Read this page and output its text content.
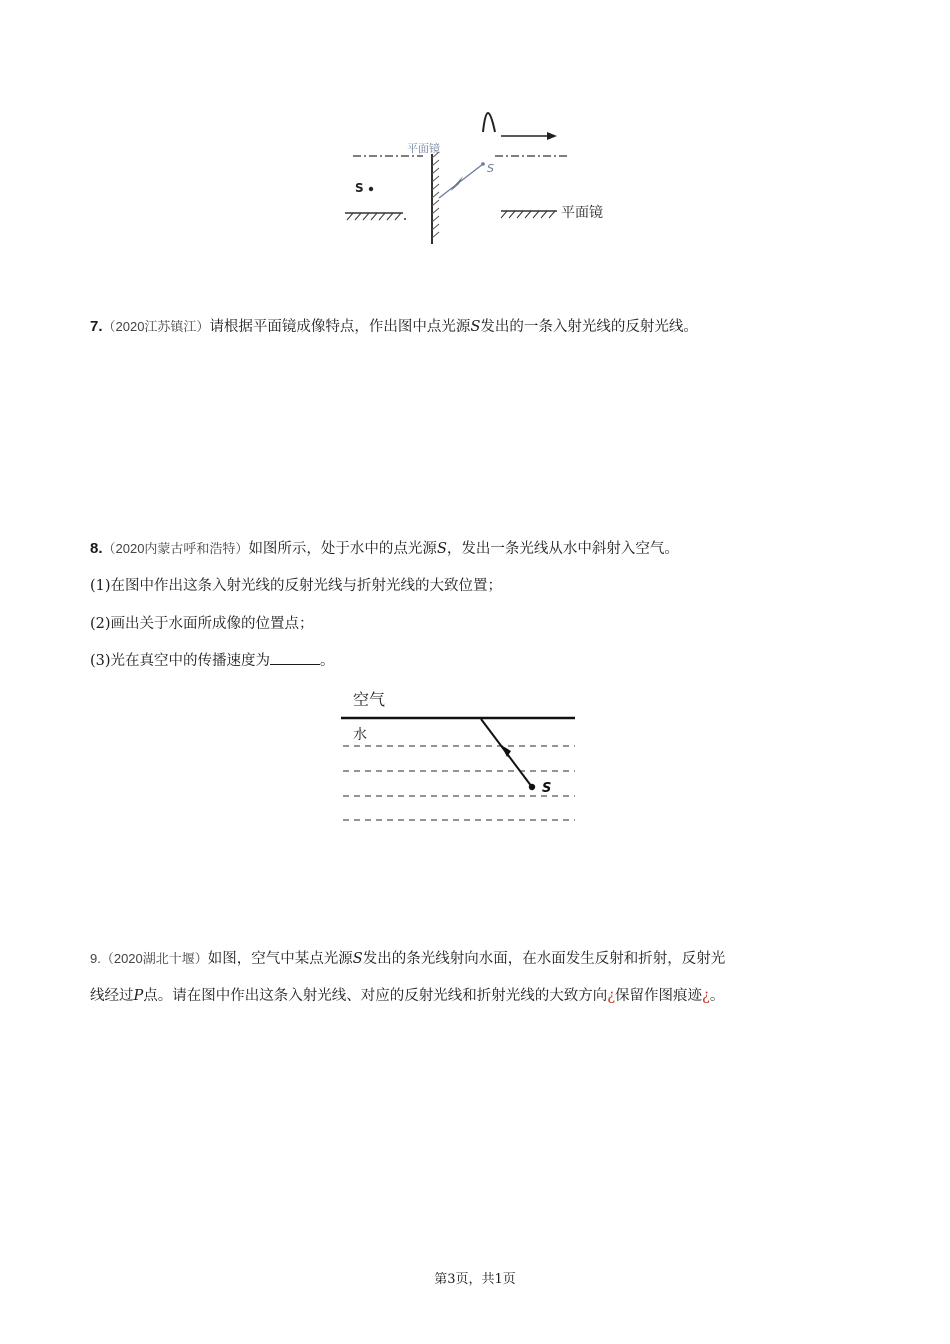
平面镜
S
S
平面镜
7.（2020江苏镇江）请根据平面镜成像特点，作出图中点光源S发出的一条入射光线的反射光线。
8.（2020内蒙古呼和浩特）如图所示，处于水中的点光源S，发出一条光线从水中斜射入空气。
(1)在图中作出这条入射光线的反射光线与折射光线的大致位置；
(2)画出关于水面所成像的位置点；
(3)光在真空中的传播速度为	。
空气
水
S
9.（2020湖北十堰）如图，空气中某点光源S发出的条光线射向水面，在水面发生反射和折射，反射光
线经过P点。请在图中作出这条入射光线、对应的反射光线和折射光线的大致方向¿保留作图痕迹¿。
第3页，共1页
